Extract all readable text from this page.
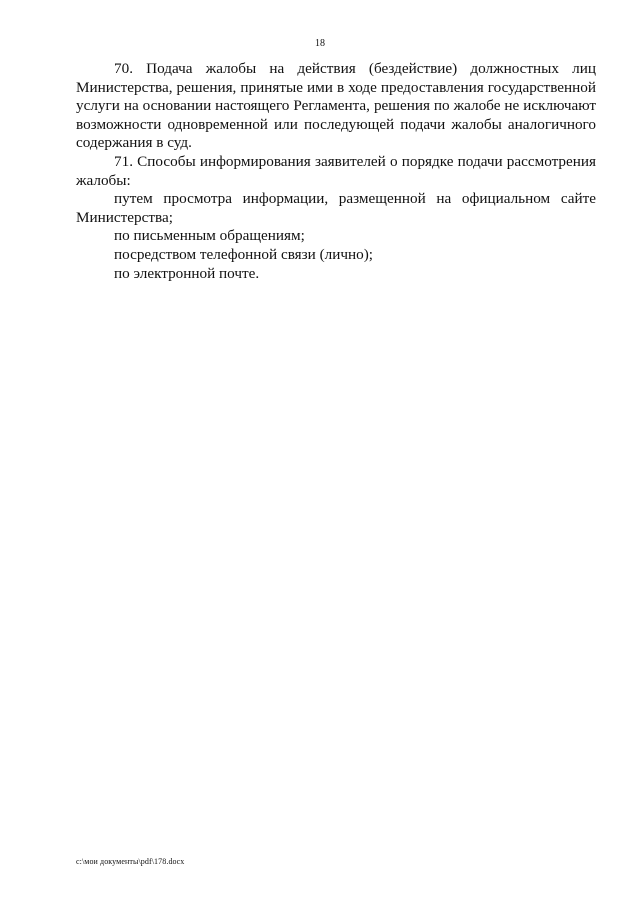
18

70. Подача жалобы на действия (бездействие) должностных лиц Министерства, решения, принятые ими в ходе предоставления государственной услуги на основании настоящего Регламента, решения по жалобе не исключают возможности одновременной или последующей подачи жалобы аналогичного содержания в суд.

71. Способы информирования заявителей о порядке подачи рассмотрения жалобы:

путем просмотра информации, размещенной на официальном сайте Министерства;

по письменным обращениям;

посредством телефонной связи (лично);

по электронной почте.

c:\мои документы\pdf\178.docx
